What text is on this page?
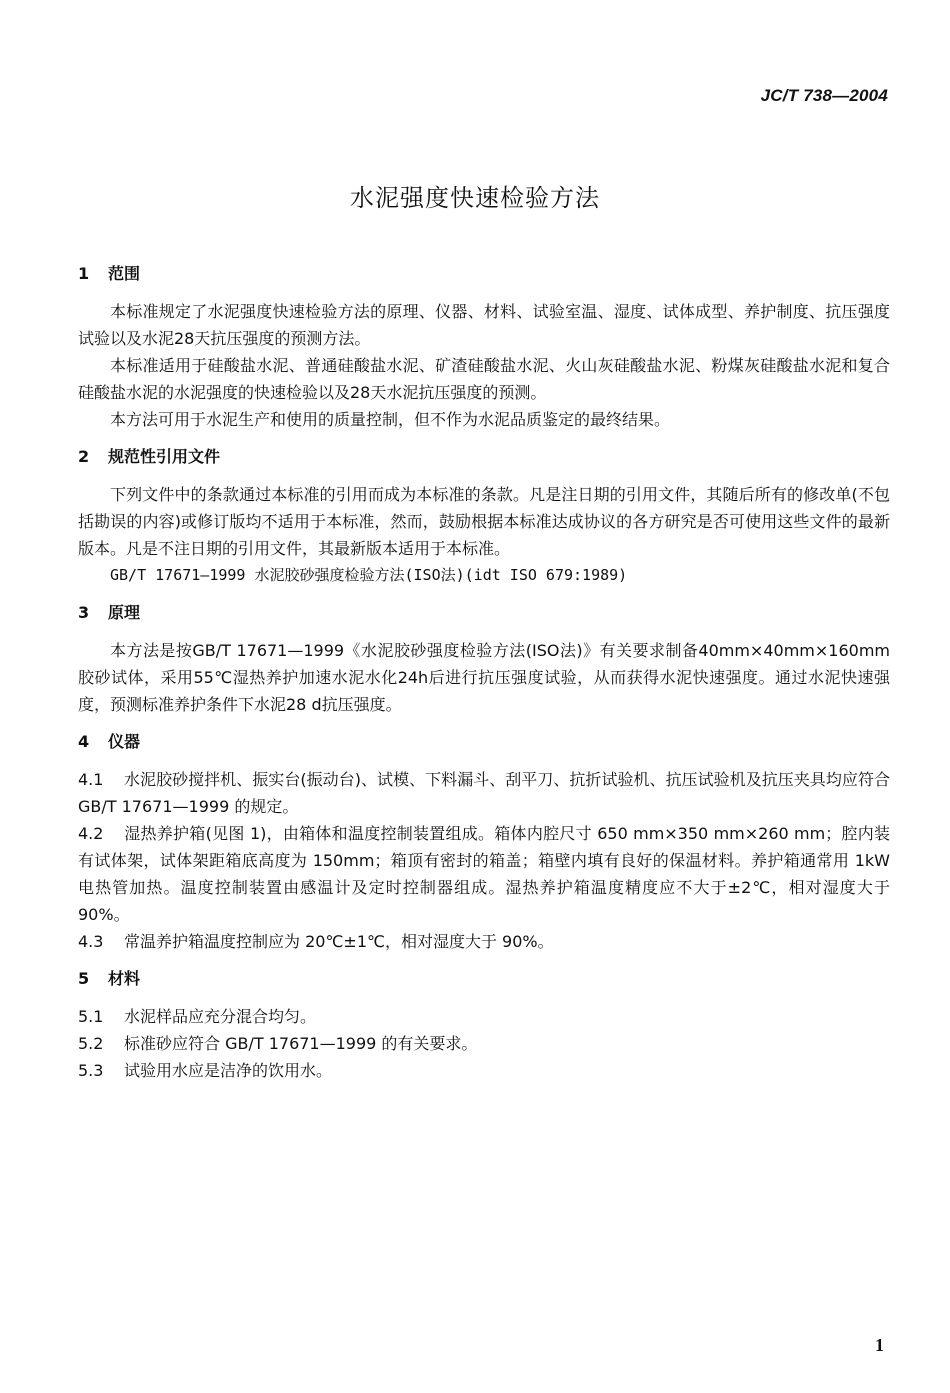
JC/T 738—2004
水泥强度快速检验方法
1 范围

本标准规定了水泥强度快速检验方法的原理、仪器、材料、试验室温、湿度、试体成型、养护制度、抗压强度试验以及水泥28天抗压强度的预测方法。

本标准适用于硅酸盐水泥、普通硅酸盐水泥、矿渣硅酸盐水泥、火山灰硅酸盐水泥、粉煤灰硅酸盐水泥和复合硅酸盐水泥的水泥强度的快速检验以及28天水泥抗压强度的预测。

本方法可用于水泥生产和使用的质量控制，但不作为水泥品质鉴定的最终结果。

2 规范性引用文件

下列文件中的条款通过本标准的引用而成为本标准的条款。凡是注日期的引用文件，其随后所有的修改单(不包括勘误的内容)或修订版均不适用于本标准，然而，鼓励根据本标准达成协议的各方研究是否可使用这些文件的最新版本。凡是不注日期的引用文件，其最新版本适用于本标准。

GB/T 17671—1999 水泥胶砂强度检验方法(ISO法)(idt ISO 679:1989)

3 原理

本方法是按GB/T 17671—1999《水泥胶砂强度检验方法(ISO法)》有关要求制备40mm×40mm×160mm胶砂试体，采用55℃湿热养护加速水泥水化24h后进行抗压强度试验，从而获得水泥快速强度。通过水泥快速强度，预测标准养护条件下水泥28 d抗压强度。

4 仪器

4.1 水泥胶砂搅拌机、振实台(振动台)、试模、下料漏斗、刮平刀、抗折试验机、抗压试验机及抗压夹具均应符合 GB/T 17671—1999 的规定。

4.2 湿热养护箱(见图 1)，由箱体和温度控制装置组成。箱体内腔尺寸 650 mm×350 mm×260 mm；腔内装有试体架，试体架距箱底高度为 150mm；箱顶有密封的箱盖；箱壁内填有良好的保温材料。养护箱通常用 1kW 电热管加热。温度控制装置由感温计及定时控制器组成。湿热养护箱温度精度应不大于±2℃，相对湿度大于 90%。

4.3 常温养护箱温度控制应为 20℃±1℃，相对湿度大于 90%。

5 材料

5.1 水泥样品应充分混合均匀。

5.2 标准砂应符合 GB/T 17671—1999 的有关要求。

5.3 试验用水应是洁净的饮用水。

1
